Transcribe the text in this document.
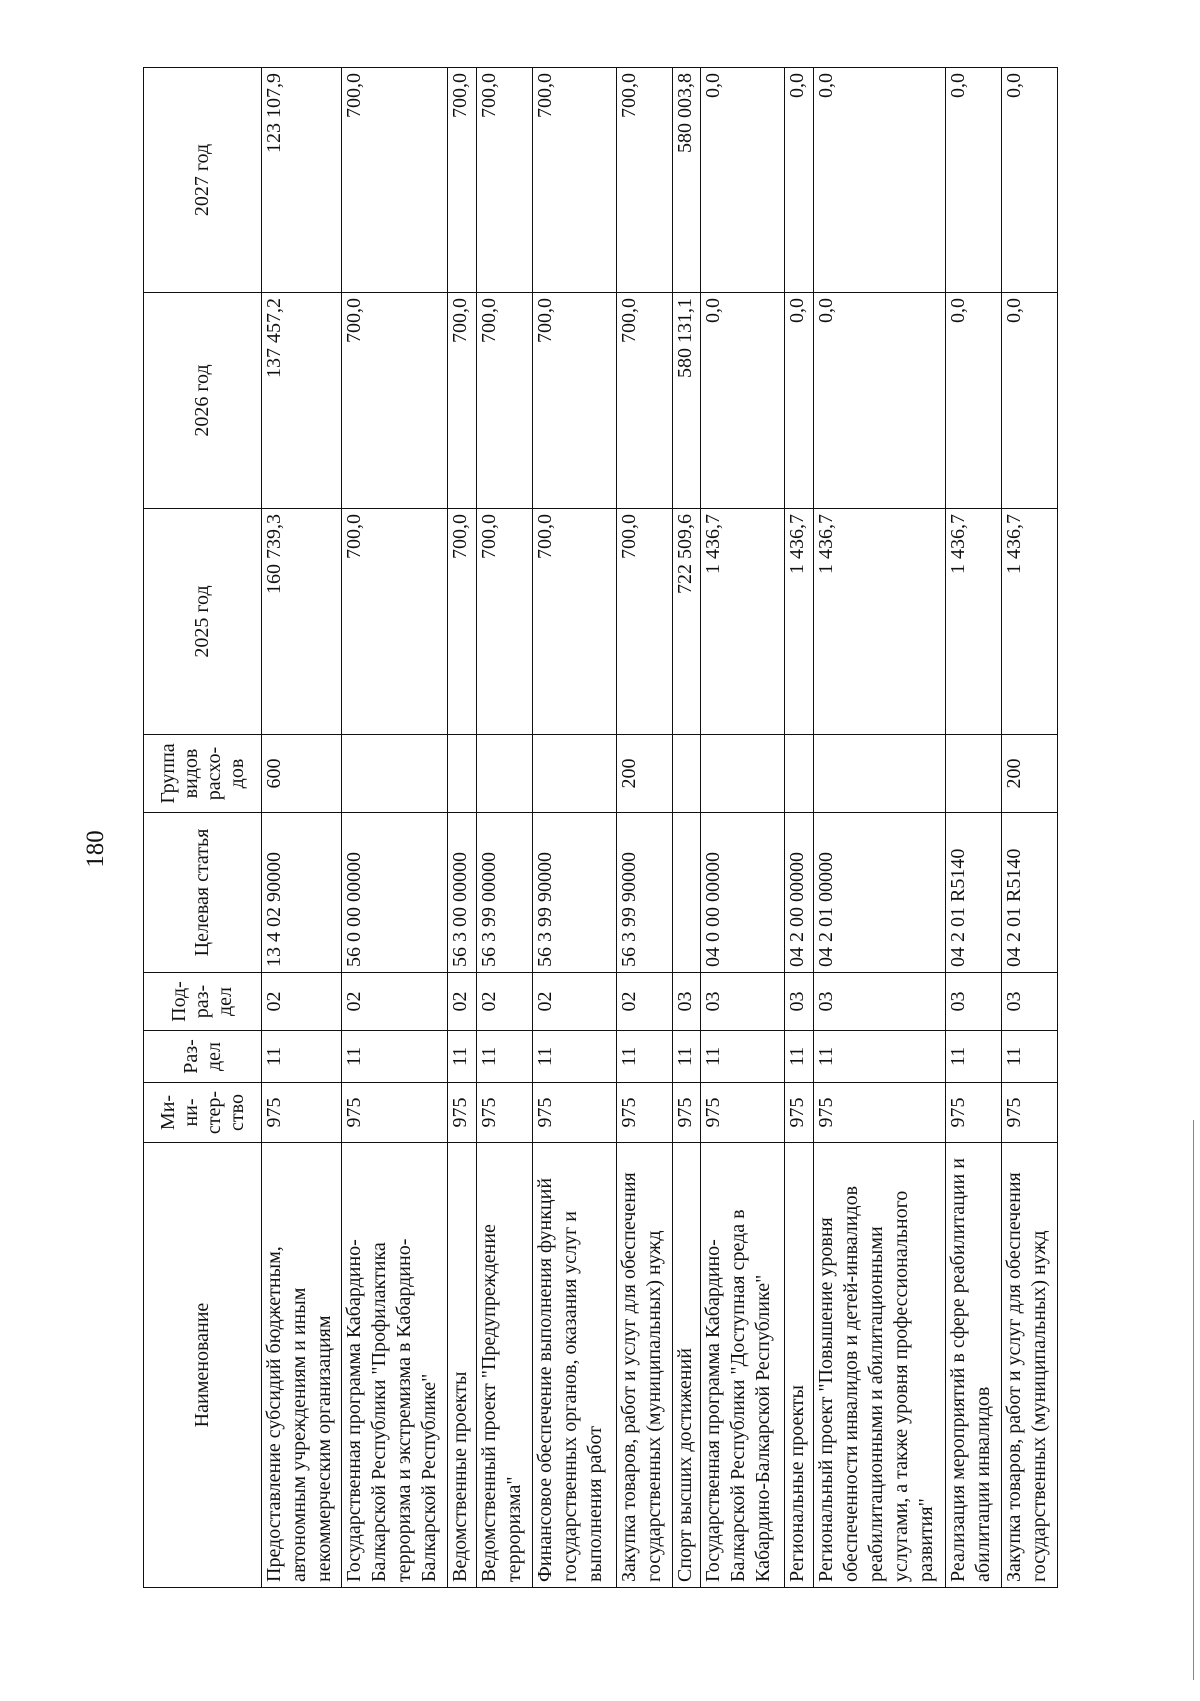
180
Наименование	Ми-ни-стер-ство	Раз-дел	Под-раз-дел	Целевая статья	Группа видов расхо-дов	2025 год	2026 год	2027 год
Предоставление субсидий бюджетным, автономным учреждениям и иным некоммерческим организациям	975	11	02	13 4 02 90000	600	160 739,3	137 457,2	123 107,9
Государственная программа Кабардино-Балкарской Республики "Профилактика терроризма и экстремизма в Кабардино-Балкарской Республике"	975	11	02	56 0 00 00000		700,0	700,0	700,0
Ведомственные проекты	975	11	02	56 3 00 00000		700,0	700,0	700,0
Ведомственный проект "Предупреждение терроризма"	975	11	02	56 3 99 00000		700,0	700,0	700,0
Финансовое обеспечение выполнения функций государственных органов, оказания услуг и выполнения работ	975	11	02	56 3 99 90000		700,0	700,0	700,0
Закупка товаров, работ и услуг для обеспечения государственных (муниципальных) нужд	975	11	02	56 3 99 90000	200	700,0	700,0	700,0
Спорт высших достижений	975	11	03			722 509,6	580 131,1	580 003,8
Государственная программа Кабардино-Балкарской Республики "Доступная среда в Кабардино-Балкарской Республике"	975	11	03	04 0 00 00000		1 436,7	0,0	0,0
Региональные проекты	975	11	03	04 2 00 00000		1 436,7	0,0	0,0
Региональный проект "Повышение уровня обеспеченности инвалидов и детей-инвалидов реабилитационными и абилитационными услугами, а также уровня профессионального развития"	975	11	03	04 2 01 00000		1 436,7	0,0	0,0
Реализация мероприятий в сфере реабилитации и абилитации инвалидов	975	11	03	04 2 01 R5140		1 436,7	0,0	0,0
Закупка товаров, работ и услуг для обеспечения государственных (муниципальных) нужд	975	11	03	04 2 01 R5140	200	1 436,7	0,0	0,0
